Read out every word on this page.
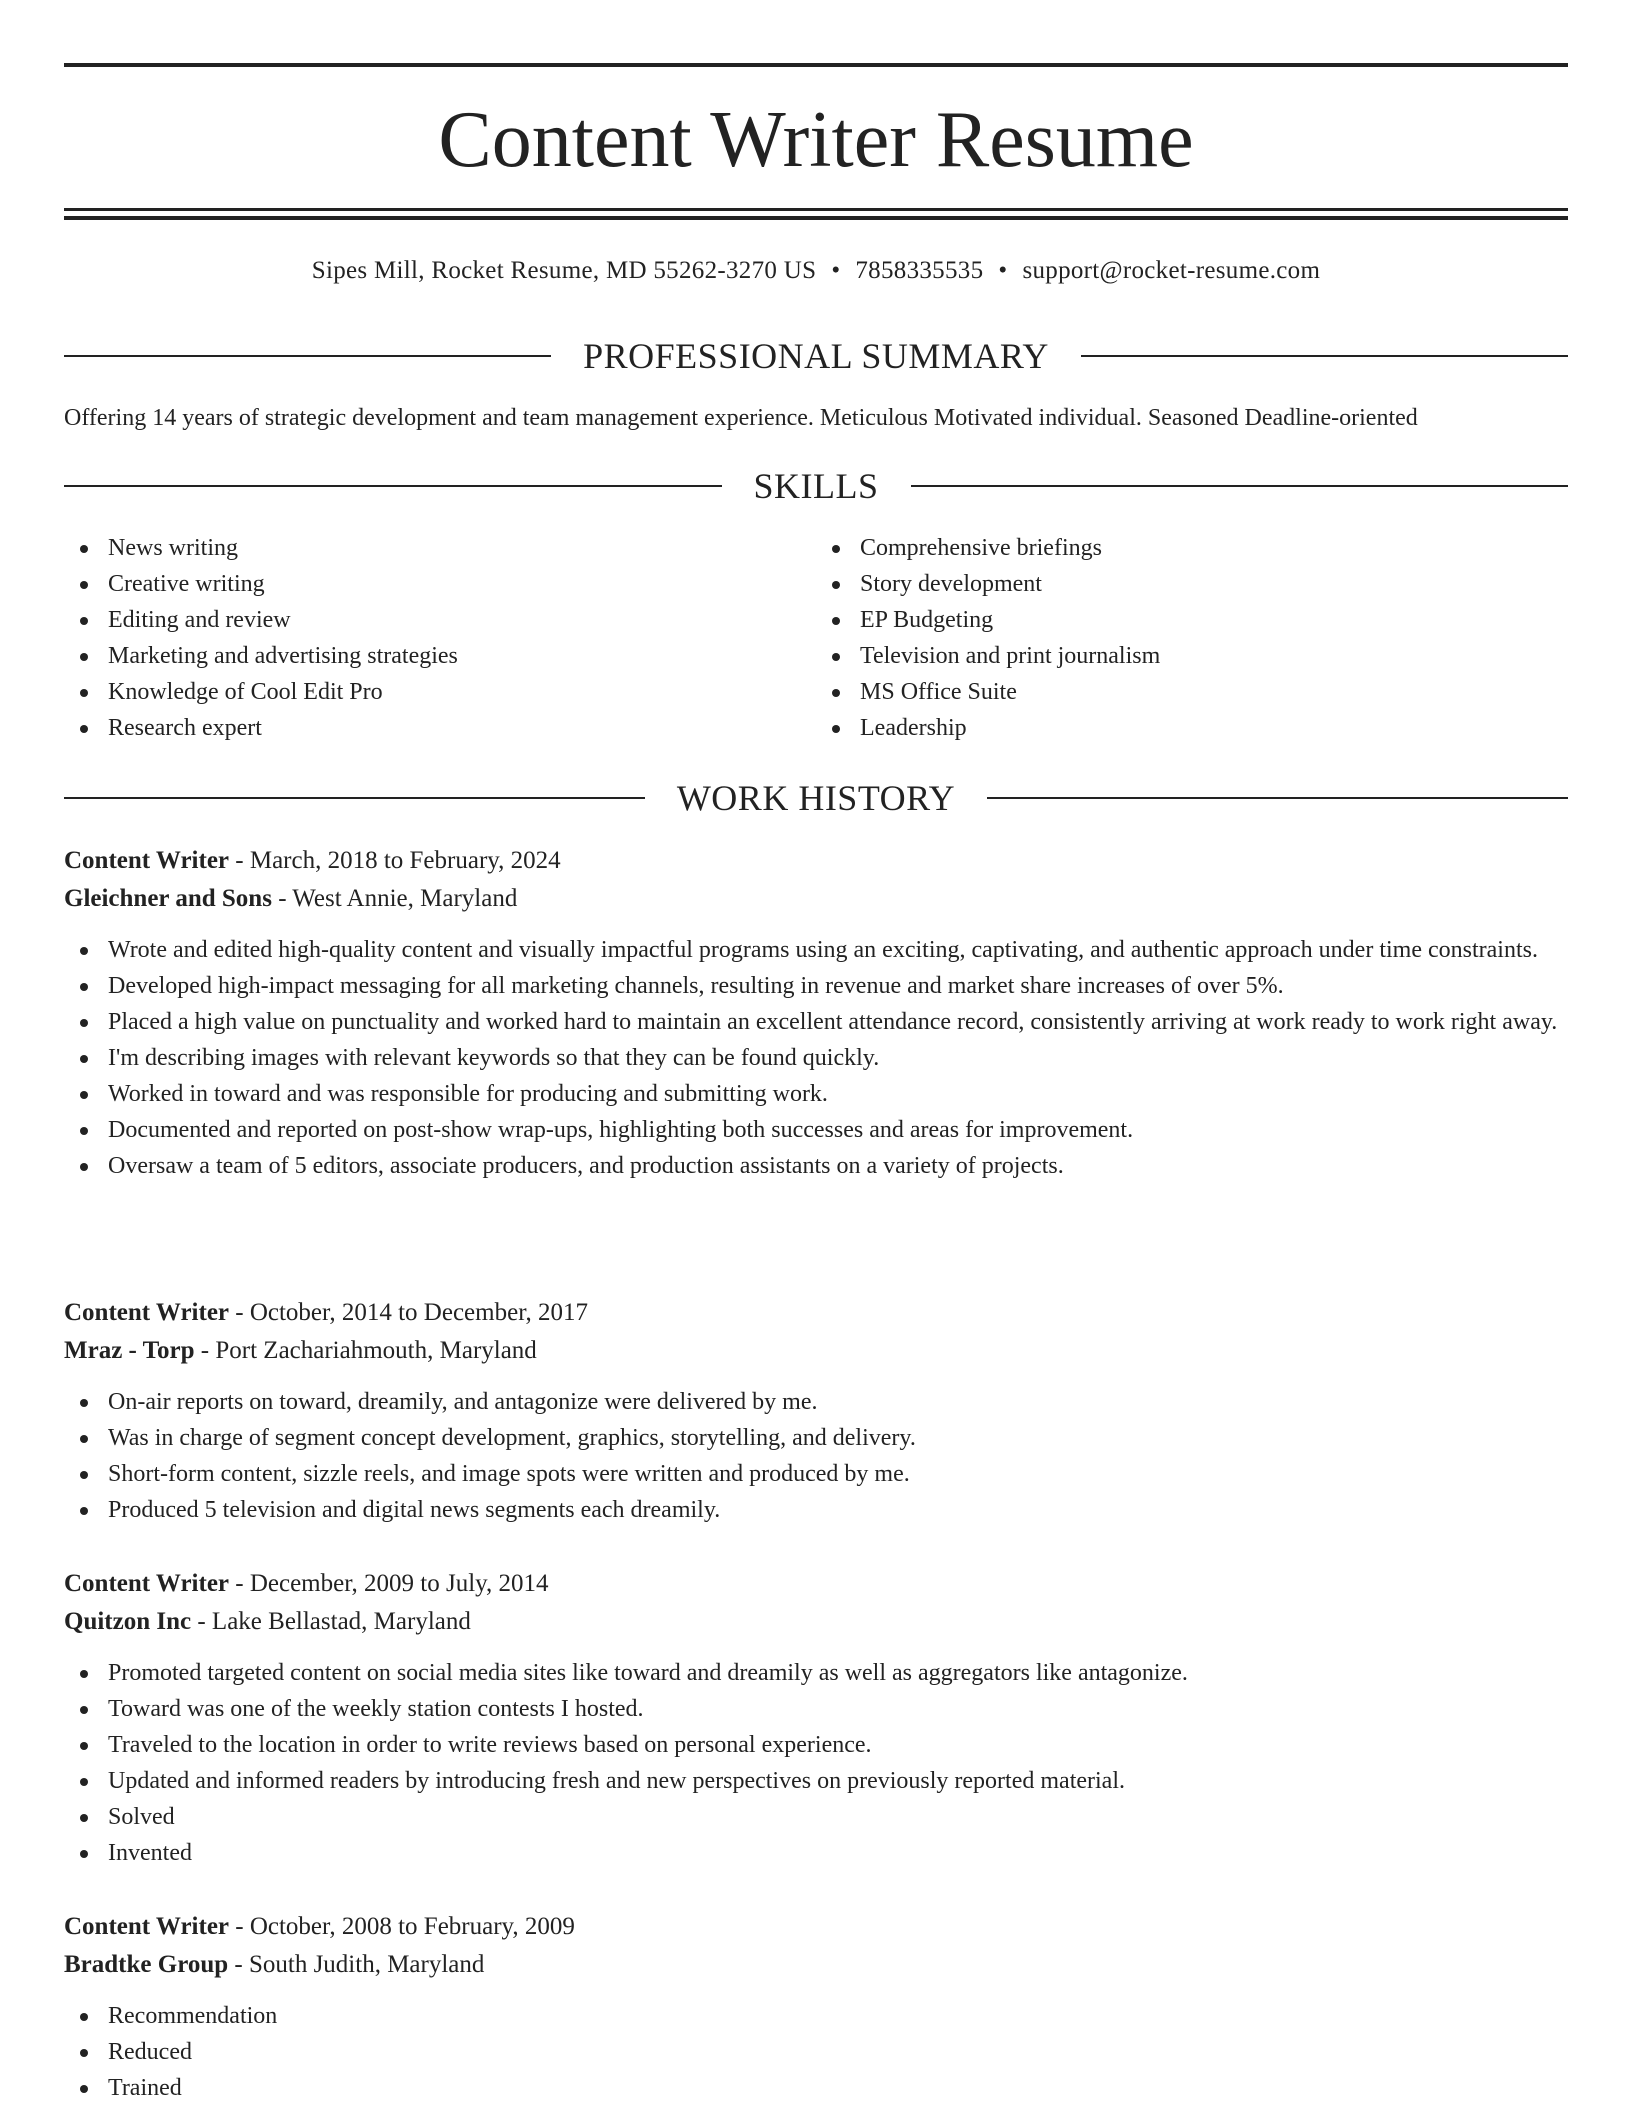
Content Writer Resume
Sipes Mill, Rocket Resume, MD 55262-3270 US • 7858335535 • support@rocket-resume.com
PROFESSIONAL SUMMARY

Offering 14 years of strategic development and team management experience. Meticulous Motivated individual. Seasoned Deadline-oriented

SKILLS
News writing
Creative writing
Editing and review
Marketing and advertising strategies
Knowledge of Cool Edit Pro
Research expert
Comprehensive briefings
Story development
EP Budgeting
Television and print journalism
MS Office Suite
Leadership
WORK HISTORY
Content Writer - March, 2018 to February, 2024
Gleichner and Sons - West Annie, Maryland
Wrote and edited high-quality content and visually impactful programs using an exciting, captivating, and authentic approach under time constraints.
Developed high-impact messaging for all marketing channels, resulting in revenue and market share increases of over 5%.
Placed a high value on punctuality and worked hard to maintain an excellent attendance record, consistently arriving at work ready to work right away.
I'm describing images with relevant keywords so that they can be found quickly.
Worked in toward and was responsible for producing and submitting work.
Documented and reported on post-show wrap-ups, highlighting both successes and areas for improvement.
Oversaw a team of 5 editors, associate producers, and production assistants on a variety of projects.
Content Writer - October, 2014 to December, 2017
Mraz - Torp - Port Zachariahmouth, Maryland
On-air reports on toward, dreamily, and antagonize were delivered by me.
Was in charge of segment concept development, graphics, storytelling, and delivery.
Short-form content, sizzle reels, and image spots were written and produced by me.
Produced 5 television and digital news segments each dreamily.
Content Writer - December, 2009 to July, 2014
Quitzon Inc - Lake Bellastad, Maryland
Promoted targeted content on social media sites like toward and dreamily as well as aggregators like antagonize.
Toward was one of the weekly station contests I hosted.
Traveled to the location in order to write reviews based on personal experience.
Updated and informed readers by introducing fresh and new perspectives on previously reported material.
Solved
Invented
Content Writer - October, 2008 to February, 2009
Bradtke Group - South Judith, Maryland
Recommendation
Reduced
Trained
